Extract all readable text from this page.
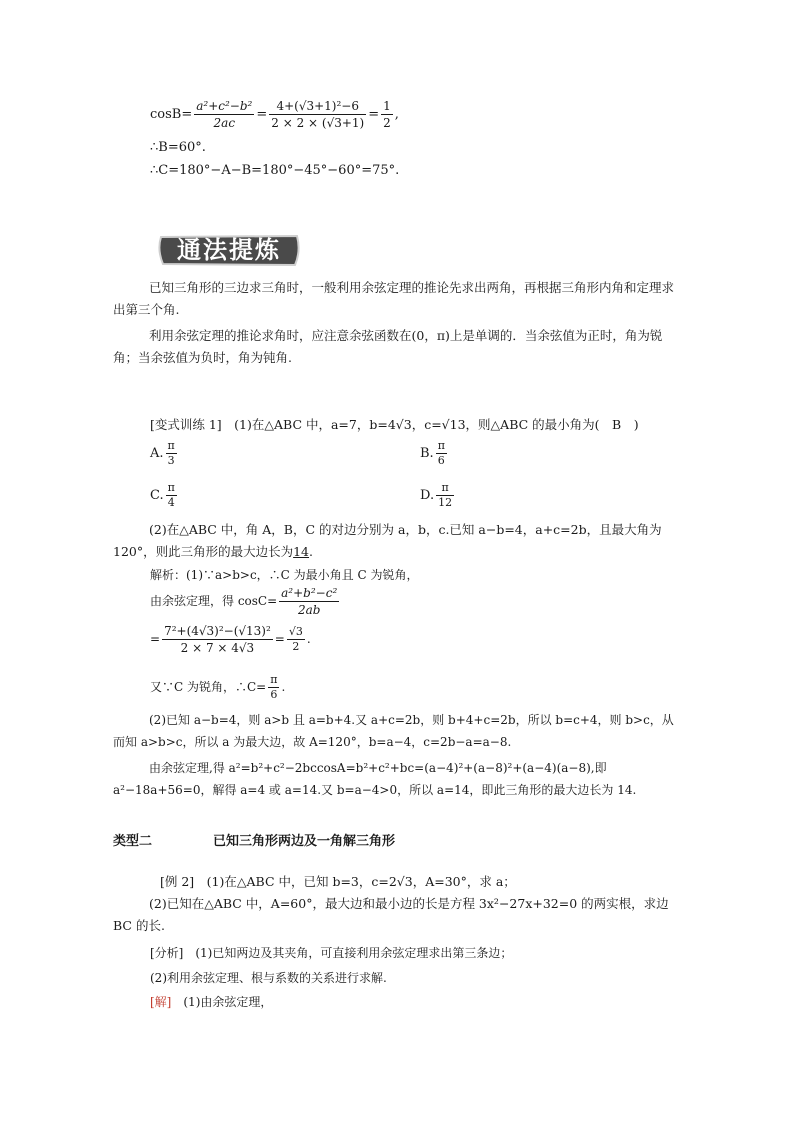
$\cos B= \frac{\text{a²+c²−b²}}{2ac} = \frac{\text{4+(√3+1)²−6}}{2 \times 2 \times (√3+1)} = \frac{1}{2}$ ,
∴B=60°.
∴C=180°−A−B=180°−45°−60°=75°.
通法提炼
已知三角形的三边求三角时，一般利用余弦定理的推论先求出两角，再根据三角形内角和定理求出第三个角.
利用余弦定理的推论求角时，应注意余弦函数在(0，π)上是单调的．当余弦值为正时，角为锐角；当余弦值为负时，角为钝角.
[变式训练 1]　(1)在△ABC 中，a=7，b=4√3，c=√13，则△ABC 的最小角为(　B　)
A. $\frac{\pi}{3}$	B. $\frac{\pi}{6}$
C. $\frac{\pi}{4}$	D. $\frac{\pi}{12}$
(2)在△ABC 中，角 A，B，C 的对边分别为 a，b，c.已知 a−b=4，a+c=2b，且最大角为 120°，则此三角形的最大边长为14.
解析：(1)∵a>b>c，∴C 为最小角且 C 为锐角，
由余弦定理，得 $\cos C= \frac{\text{a²+b²−c²}}{2ab}$
= $\frac{\text{7²+(4√3)²−(√13)²}}{2 \times 7 \times 4√3} = \frac{√3}{2}$ .
又∵C 为锐角，∴C= $\frac{\pi}{6}$ .
(2)已知 a−b=4，则 a>b 且 a=b+4.又 a+c=2b，则 b+4+c=2b，所以 b=c+4，则 b>c，从而知 a>b>c，所以 a 为最大边，故 A=120°，b=a−4，c=2b−a=a−8.
由余弦定理,得 a²=b²+c²−2bccosA=b²+c²+bc=(a−4)²+(a−8)²+(a−4)(a−8),即 a²−18a+56=0，解得 a=4 或 a=14.又 b=a−4>0，所以 a=14，即此三角形的最大边长为 14.
类型二	已知三角形两边及一角解三角形
[例 2]　(1)在△ABC 中，已知 b=3，c=2√3，A=30°，求 a；
(2)已知在△ABC 中，A=60°，最大边和最小边的长是方程 3x²−27x+32=0 的两实根，求边 BC 的长.
[分析]　(1)已知两边及其夹角，可直接利用余弦定理求出第三条边；
(2)利用余弦定理、根与系数的关系进行求解.
[解]　(1)由余弦定理，
